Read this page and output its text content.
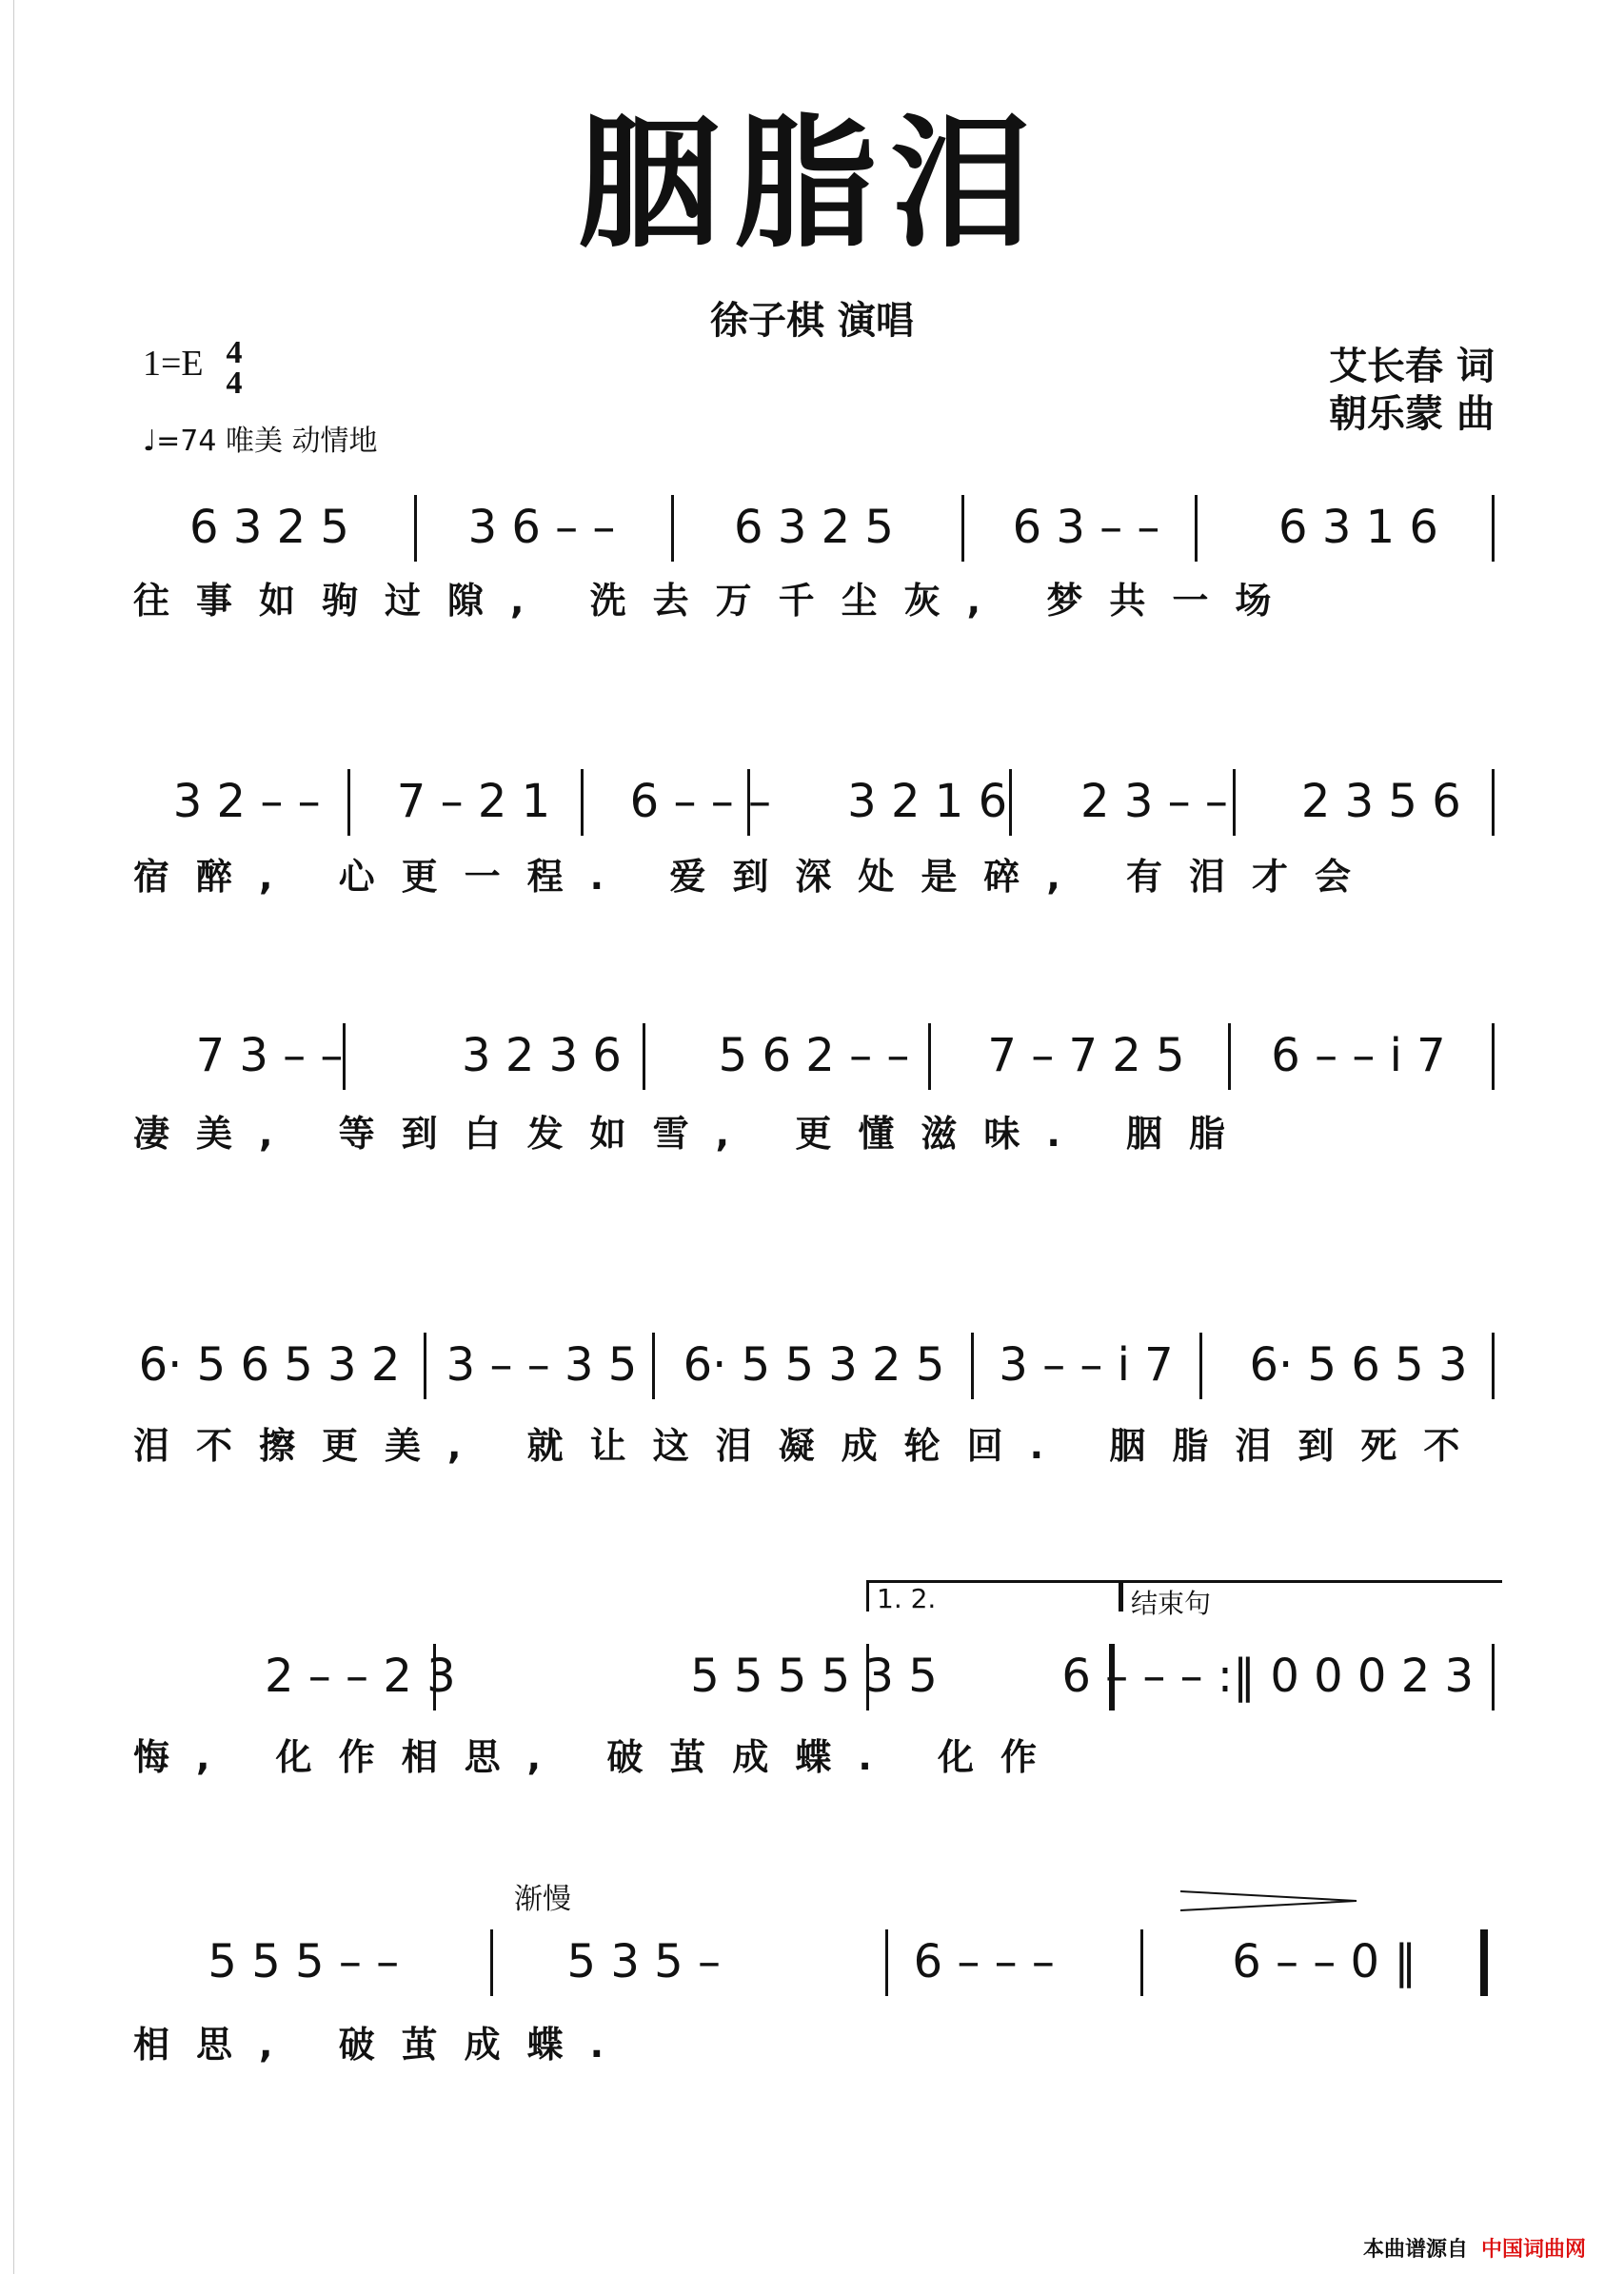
胭脂泪
徐子棋 演唱
1=E 4
4
♩=74 唯美 动情地
艾长春 词
朝乐蒙 曲
6 3 2 5	3 6 – –	6 3 2 5	6 3 – –	6 3 1 6
往事如驹过隙, 洗去万千尘灰, 梦共一场
3 2 – –	7 – 2 1	6 – – –	3 2 1 6	2 3 – –	2 3 5 6
宿醉, 心更一程. 爱到深处是碎, 有泪才会
7 3 – –	3 2 3 6	5 6 2 – –	7 – 7 2 5	6 – – i 7
凄美, 等到白发如雪, 更懂滋味. 胭脂
6· 5 6 5 3 2	3 – – 3 5	6· 5 5 3 2 5	3 – – i 7	6· 5 6 5 3
泪不擦更美, 就让这泪凝成轮回. 胭脂泪到死不
1. 2.	结束句
2 – – 2 3	5 5 5 5 3 5	6 – – – :‖ 0 0 0 2 3
悔, 化作相思, 破茧成蝶. 化作
渐慢
5 5 5 – –	5 3 5 –	6 – – –	6 – – 0 ‖
相思, 破茧成蝶.
本曲谱源自 中国词曲网
